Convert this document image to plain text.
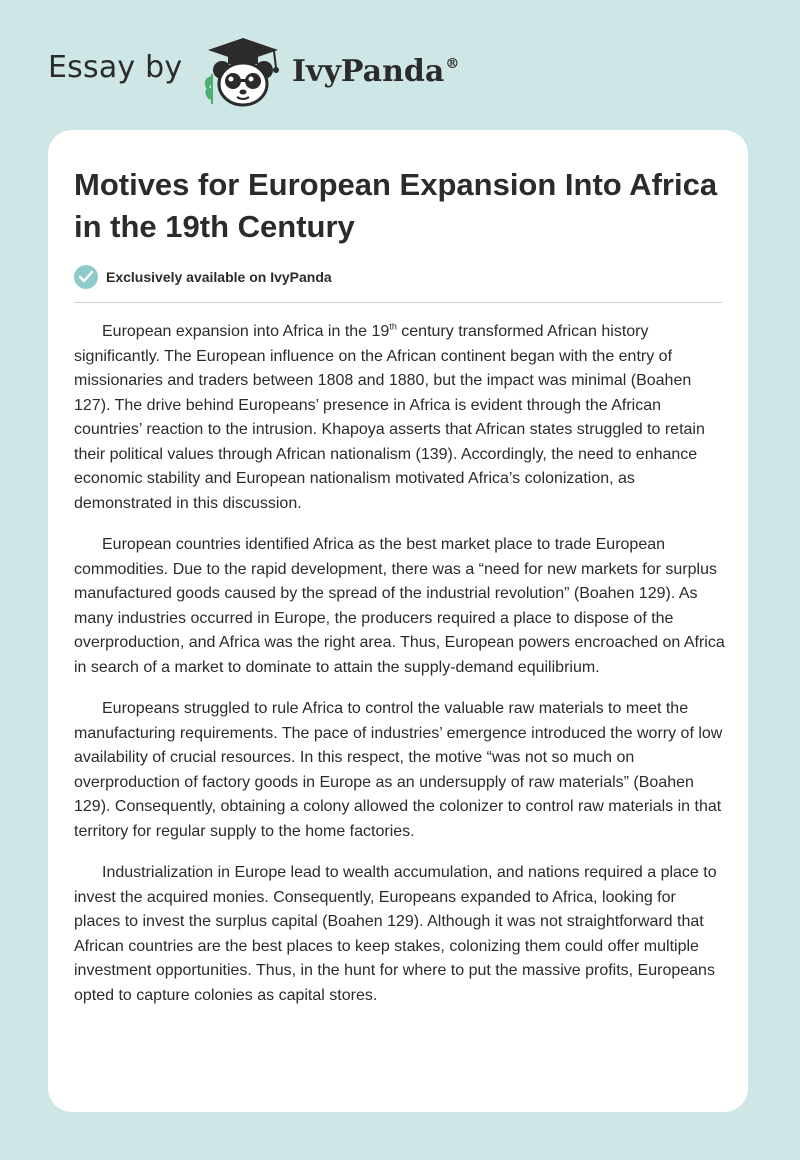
Essay by	IvyPanda®
Motives for European Expansion Into Africa in the 19th Century
Exclusively available on IvyPanda

European expansion into Africa in the 19th century transformed African history significantly. The European influence on the African continent began with the entry of missionaries and traders between 1808 and 1880, but the impact was minimal (Boahen 127). The drive behind Europeans’ presence in Africa is evident through the African countries’ reaction to the intrusion. Khapoya asserts that African states struggled to retain their political values through African nationalism (139). Accordingly, the need to enhance economic stability and European nationalism motivated Africa’s colonization, as demonstrated in this discussion.

European countries identified Africa as the best market place to trade European commodities. Due to the rapid development, there was a “need for new markets for surplus manufactured goods caused by the spread of the industrial revolution” (Boahen 129). As many industries occurred in Europe, the producers required a place to dispose of the overproduction, and Africa was the right area. Thus, European powers encroached on Africa in search of a market to dominate to attain the supply-demand equilibrium.

Europeans struggled to rule Africa to control the valuable raw materials to meet the manufacturing requirements. The pace of industries’ emergence introduced the worry of low availability of crucial resources. In this respect, the motive “was not so much on overproduction of factory goods in Europe as an undersupply of raw materials” (Boahen 129). Consequently, obtaining a colony allowed the colonizer to control raw materials in that territory for regular supply to the home factories.

Industrialization in Europe lead to wealth accumulation, and nations required a place to invest the acquired monies. Consequently, Europeans expanded to Africa, looking for places to invest the surplus capital (Boahen 129). Although it was not straightforward that African countries are the best places to keep stakes, colonizing them could offer multiple investment opportunities. Thus, in the hunt for where to put the massive profits, Europeans opted to capture colonies as capital stores.
